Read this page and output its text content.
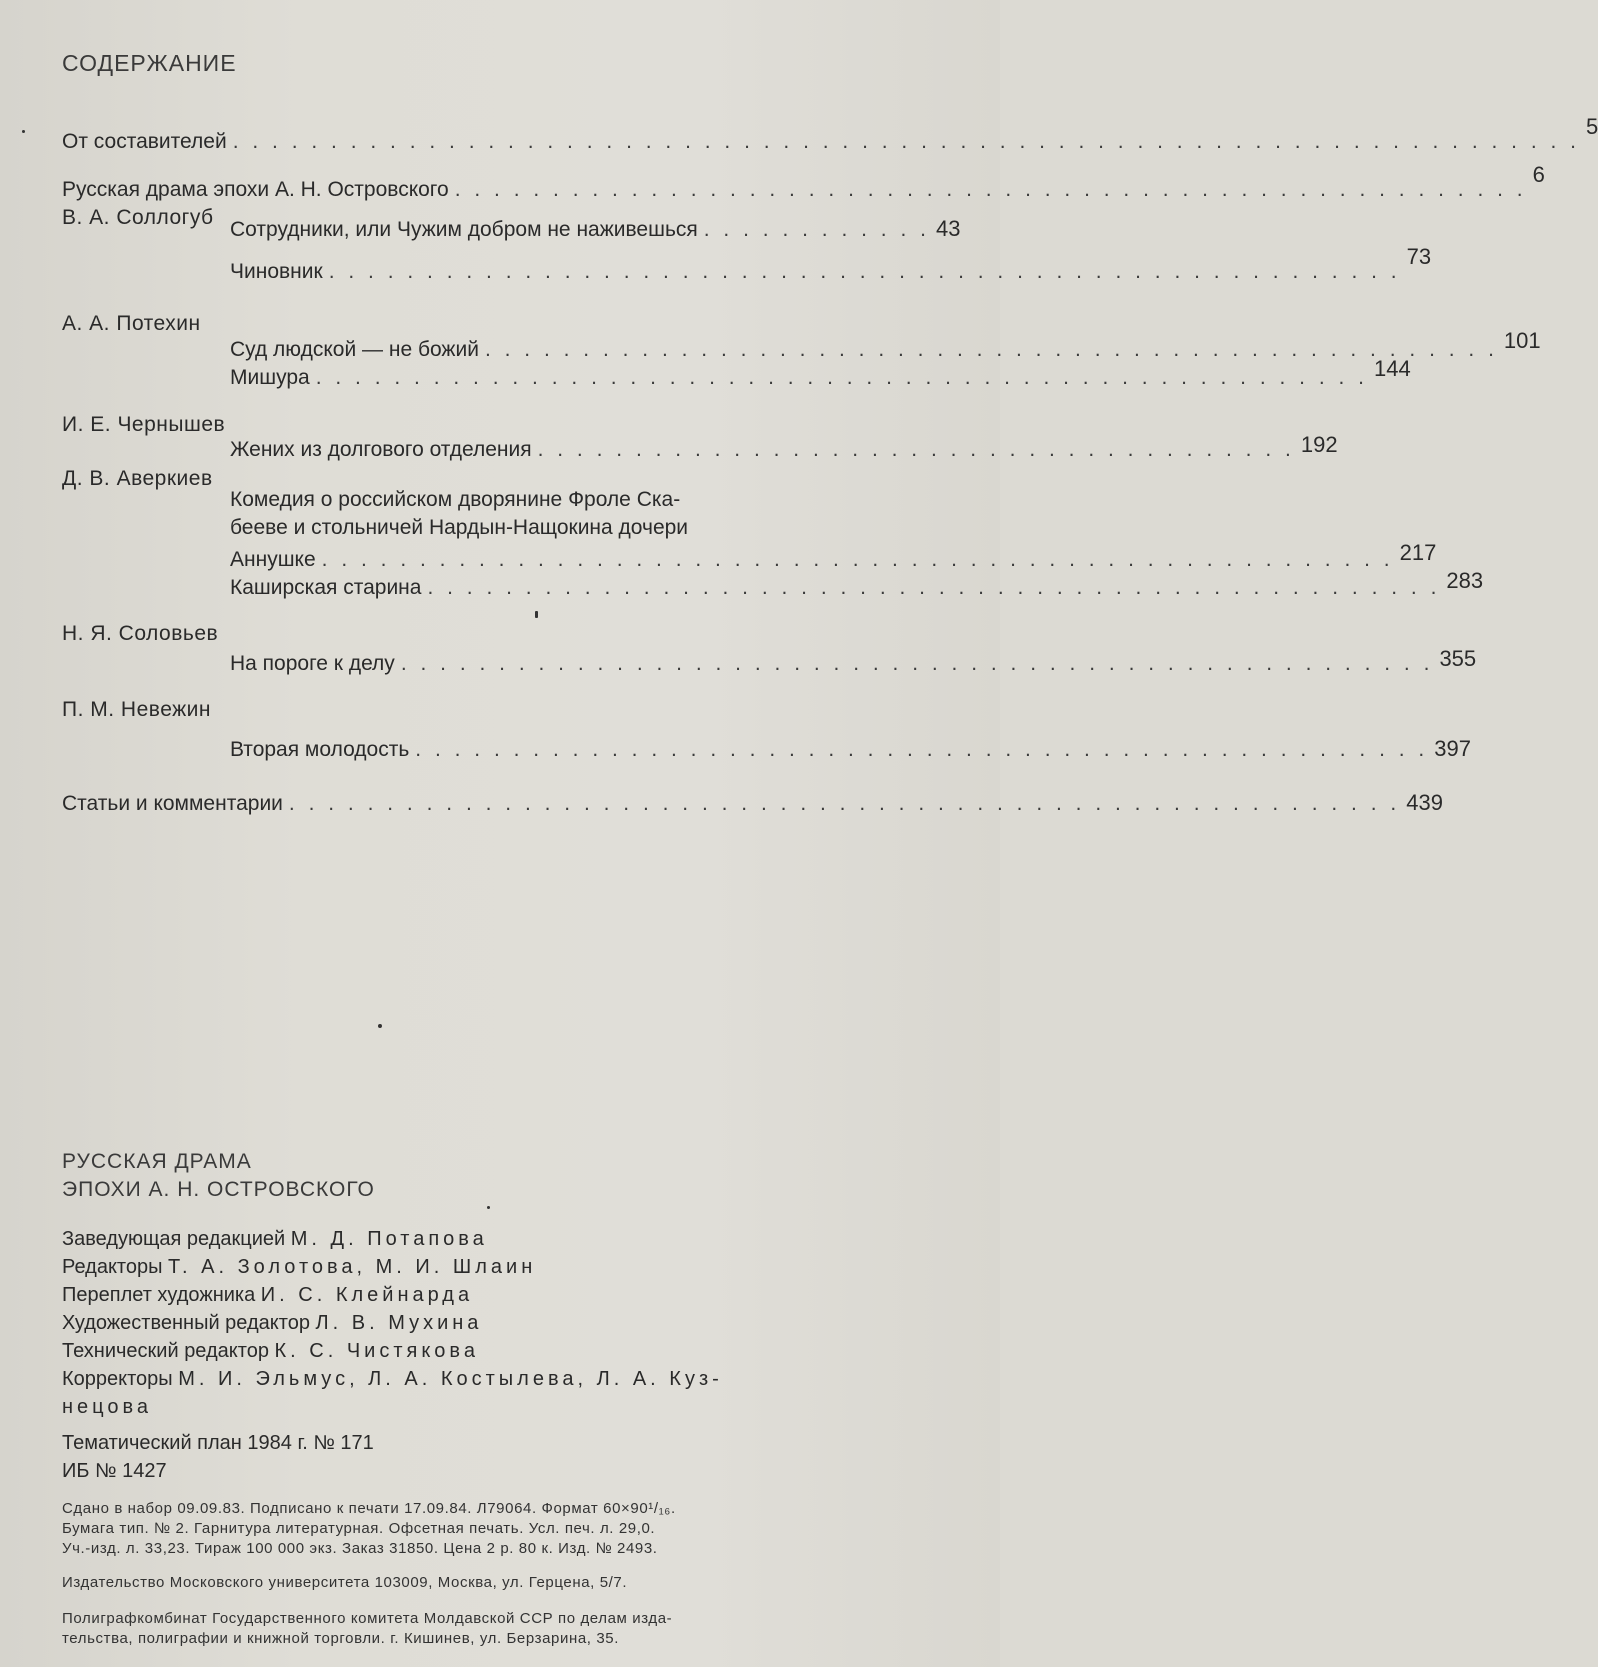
СОДЕРЖАНИЕ
От составителей . . . . . . . . . . . . . . . . . . . . . . . . . . . . . . . . . . . . . . . . . . . . . . . . . . . . . . . . . . . . . . . . . . . . .
5
Русская драма эпохи А. Н. Островского . . . . . . . . . . . . . . . . . . . . . . . . . . . . . . . . . . . . . . . . . . . . . . . . . . . . . . .
6
В. А. Соллогуб
Сотрудники, или Чужим добром не наживешься . . . . . . . . . . . . 43
Чиновник . . . . . . . . . . . . . . . . . . . . . . . . . . . . . . . . . . . . . . . . . . . . . . . . . . . . . . .
73
А. А. Потехин
Суд людской — не божий . . . . . . . . . . . . . . . . . . . . . . . . . . . . . . . . . . . . . . . . . . . . . . . . . . . . 101
Мишура . . . . . . . . . . . . . . . . . . . . . . . . . . . . . . . . . . . . . . . . . . . . . . . . . . . . . . 144
И. Е. Чернышев
Жених из долгового отделения . . . . . . . . . . . . . . . . . . . . . . . . . . . . . . . . . . . . . . . 192
Д. В. Аверкиев
Комедия о российском дворянине Фроле Ска-
беeве и стольничей Нардын-Нащокина дочери
Аннушке . . . . . . . . . . . . . . . . . . . . . . . . . . . . . . . . . . . . . . . . . . . . . . . . . . . . . . . 217
Каширская старина . . . . . . . . . . . . . . . . . . . . . . . . . . . . . . . . . . . . . . . . . . . . . . . . . . . . 283
Н. Я. Соловьев
На пороге к делу . . . . . . . . . . . . . . . . . . . . . . . . . . . . . . . . . . . . . . . . . . . . . . . . . . . . . 355
П. М. Невежин
Вторая молодость . . . . . . . . . . . . . . . . . . . . . . . . . . . . . . . . . . . . . . . . . . . . . . . . . . . . 397
Статьи и комментарии . . . . . . . . . . . . . . . . . . . . . . . . . . . . . . . . . . . . . . . . . . . . . . . . . . . . . . . . . 439
РУССКАЯ ДРАМА
ЭПОХИ А. Н. ОСТРОВСКОГО
Заведующая редакцией М. Д. Потапова
Редакторы Т. А. Золотова, М. И. Шлаин
Переплет художника И. С. Клейнарда
Художественный редактор Л. В. Мухина
Технический редактор К. С. Чистякова
Корректоры М. И. Эльмус, Л. А. Костылева, Л. А. Куз-
нецова
Тематический план 1984 г. № 171
ИБ № 1427
Сдано в набор 09.09.83. Подписано к печати 17.09.84. Л79064. Формат 60×90¹/₁₆.
Бумага тип. № 2. Гарнитура литературная. Офсетная печать. Усл. печ. л. 29,0.
Уч.-изд. л. 33,23. Тираж 100 000 экз. Заказ 31850. Цена 2 р. 80 к. Изд. № 2493.
Издательство Московского университета 103009, Москва, ул. Герцена, 5/7.
Полиграфкомбинат Государственного комитета Молдавской ССР по делам изда-
тельства, полиграфии и книжной торговли. г. Кишинев, ул. Берзарина, 35.
